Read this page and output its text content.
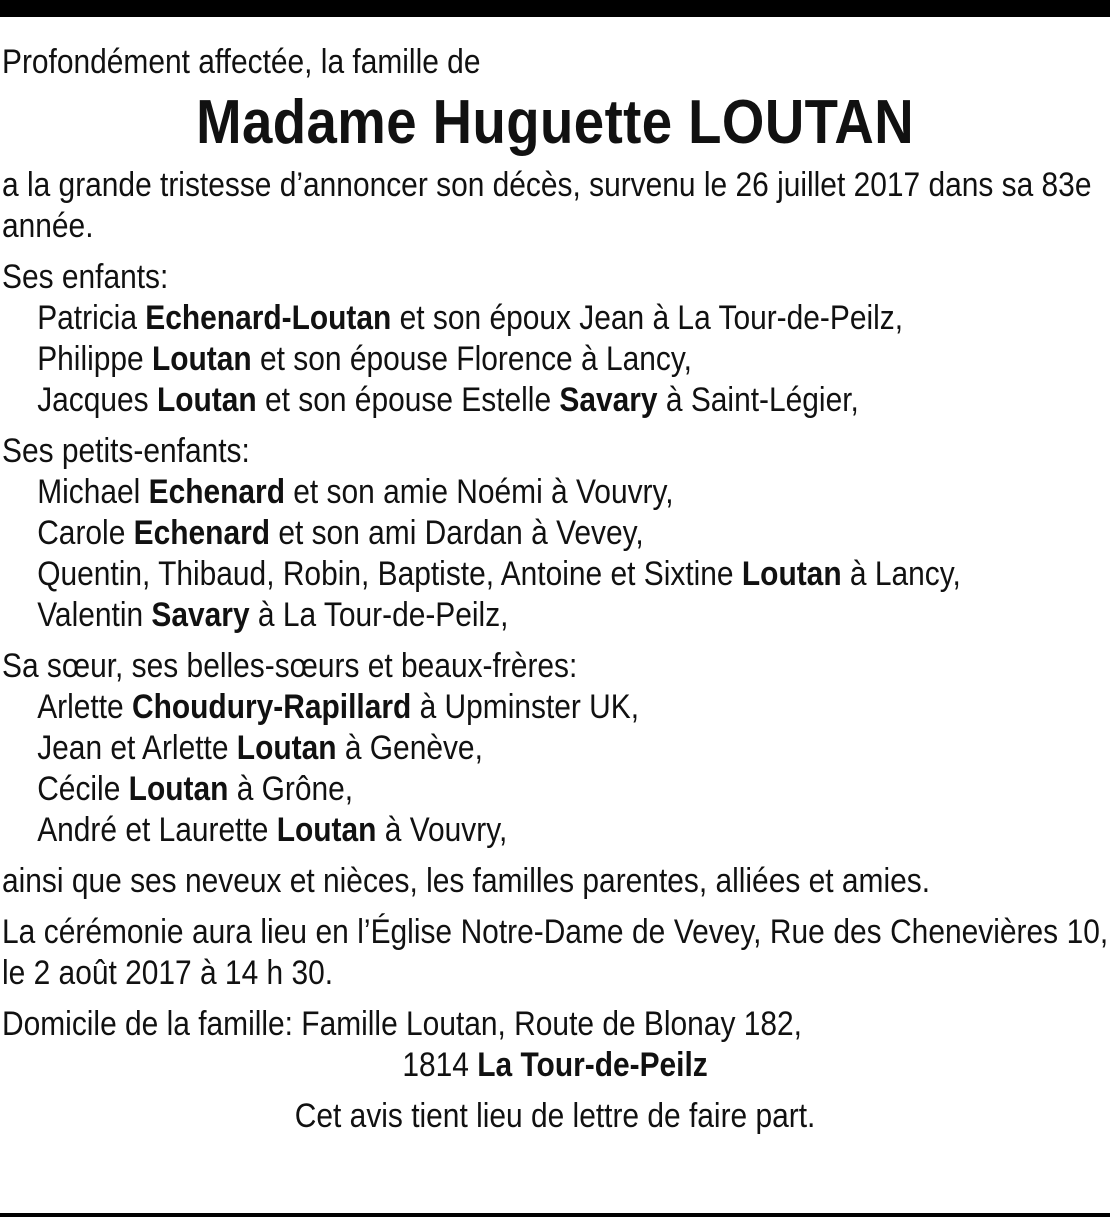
Profondément affectée, la famille de

Madame Huguette LOUTAN

a la grande tristesse d’annoncer son décès, survenu le 26 juillet 2017 dans sa 83e année.

Ses enfants:

Patricia Echenard-Loutan et son époux Jean à La Tour-de-Peilz,

Philippe Loutan et son épouse Florence à Lancy,

Jacques Loutan et son épouse Estelle Savary à Saint-Légier,

Ses petits-enfants:

Michael Echenard et son amie Noémi à Vouvry,

Carole Echenard et son ami Dardan à Vevey,

Quentin, Thibaud, Robin, Baptiste, Antoine et Sixtine Loutan à Lancy,

Valentin Savary à La Tour-de-Peilz,

Sa sœur, ses belles-sœurs et beaux-frères:

Arlette Choudury-Rapillard à Upminster UK,

Jean et Arlette Loutan à Genève,

Cécile Loutan à Grône,

André et Laurette Loutan à Vouvry,

ainsi que ses neveux et nièces, les familles parentes, alliées et amies.

La cérémonie aura lieu en l’Église Notre-Dame de Vevey, Rue des Chenevières 10, le 2 août 2017 à 14 h 30.

Domicile de la famille: Famille Loutan, Route de Blonay 182,

1814 La Tour-de-Peilz

Cet avis tient lieu de lettre de faire part.
